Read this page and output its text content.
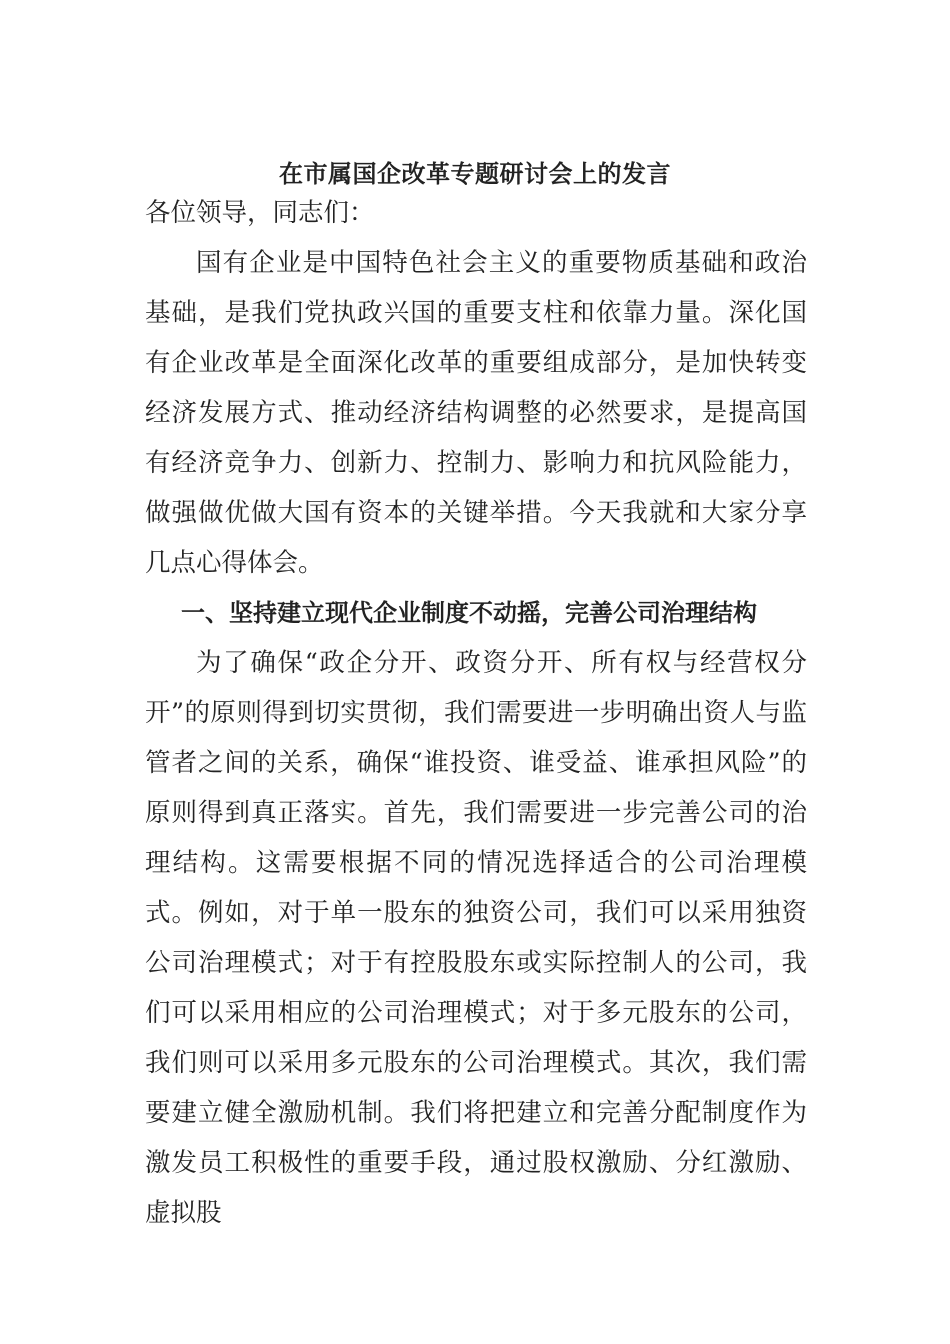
在市属国企改革专题研讨会上的发言

各位领导，同志们：

国有企业是中国特色社会主义的重要物质基础和政治基础，是我们党执政兴国的重要支柱和依靠力量。深化国有企业改革是全面深化改革的重要组成部分，是加快转变经济发展方式、推动经济结构调整的必然要求，是提高国有经济竞争力、创新力、控制力、影响力和抗风险能力，做强做优做大国有资本的关键举措。今天我就和大家分享几点心得体会。

一、坚持建立现代企业制度不动摇，完善公司治理结构

为了确保“政企分开、政资分开、所有权与经营权分开”的原则得到切实贯彻，我们需要进一步明确出资人与监管者之间的关系，确保“谁投资、谁受益、谁承担风险”的原则得到真正落实。首先，我们需要进一步完善公司的治理结构。这需要根据不同的情况选择适合的公司治理模式。例如，对于单一股东的独资公司，我们可以采用独资公司治理模式；对于有控股股东或实际控制人的公司，我们可以采用相应的公司治理模式；对于多元股东的公司，我们则可以采用多元股东的公司治理模式。其次，我们需要建立健全激励机制。我们将把建立和完善分配制度作为激发员工积极性的重要手段，通过股权激励、分红激励、虚拟股
